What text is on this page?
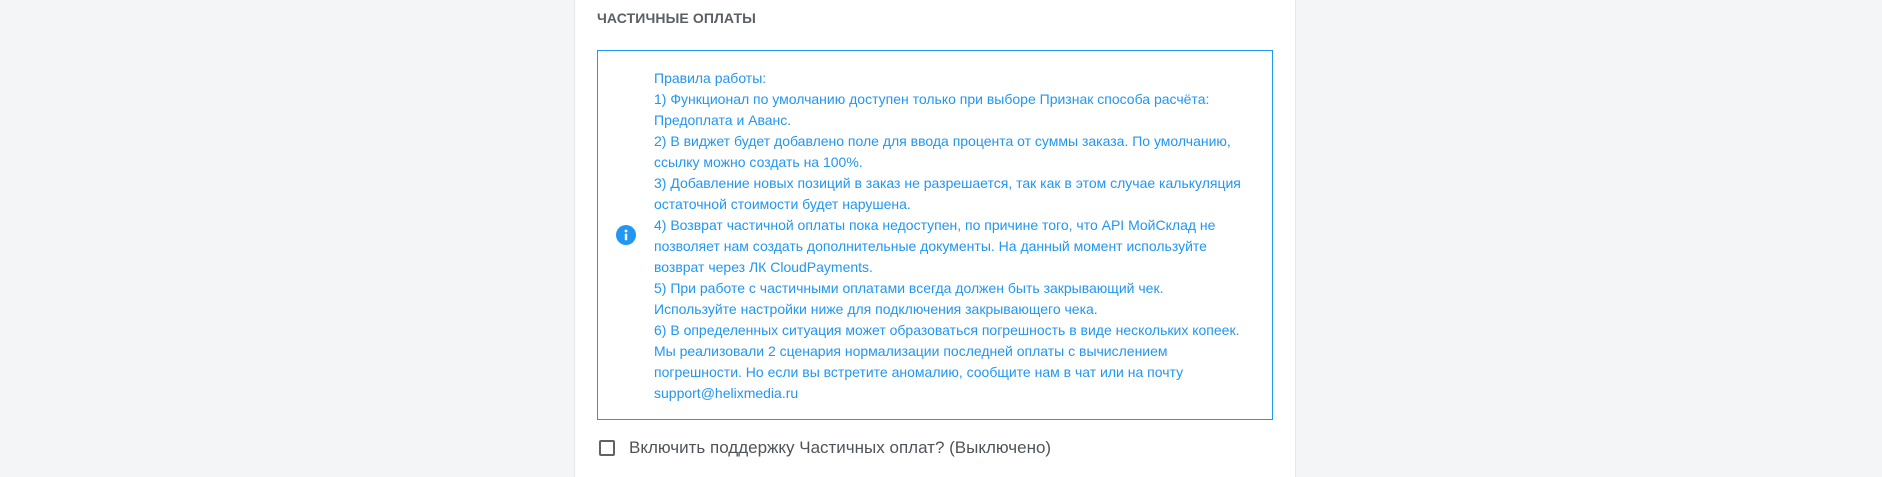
ЧАСТИЧНЫЕ ОПЛАТЫ
Правила работы:
1) Функционал по умолчанию доступен только при выборе Признак способа расчёта:
Предоплата и Аванс.
2) В виджет будет добавлено поле для ввода процента от суммы заказа. По умолчанию,
ссылку можно создать на 100%.
3) Добавление новых позиций в заказ не разрешается, так как в этом случае калькуляция
остаточной стоимости будет нарушена.
4) Возврат частичной оплаты пока недоступен, по причине того, что API МойСклад не
позволяет нам создать дополнительные документы. На данный момент используйте
возврат через ЛК CloudPayments.
5) При работе с частичными оплатами всегда должен быть закрывающий чек.
Используйте настройки ниже для подключения закрывающего чека.
6) В определенных ситуация может образоваться погрешность в виде нескольких копеек.
Мы реализовали 2 сценария нормализации последней оплаты с вычислением
погрешности. Но если вы встретите аномалию, сообщите нам в чат или на почту
support@helixmedia.ru
Включить поддержку Частичных оплат? (Выключено)
